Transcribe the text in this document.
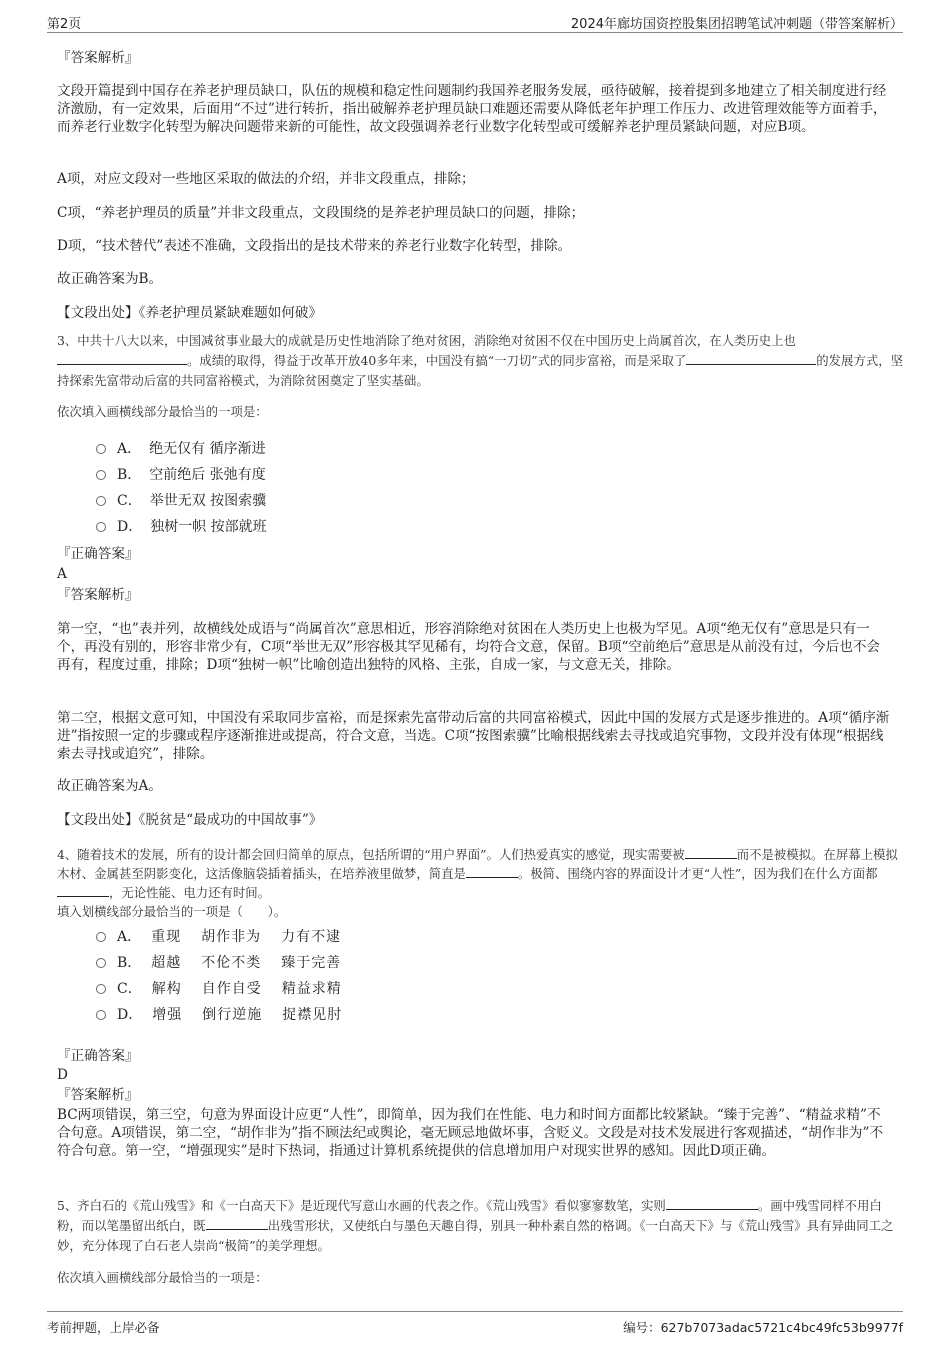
第2页	2024年廊坊国资控股集团招聘笔试冲刺题（带答案解析）
『答案解析』

文段开篇提到中国存在养老护理员缺口，队伍的规模和稳定性问题制约我国养老服务发展，亟待破解，接着提到多地建立了相关制度进行经济激励，有一定效果，后面用“不过”进行转折，指出破解养老护理员缺口难题还需要从降低老年护理工作压力、改进管理效能等方面着手，而养老行业数字化转型为解决问题带来新的可能性，故文段强调养老行业数字化转型或可缓解养老护理员紧缺问题，对应B项。

A项，对应文段对一些地区采取的做法的介绍，并非文段重点，排除；

C项，“养老护理员的质量”并非文段重点，文段围绕的是养老护理员缺口的问题，排除；

D项，“技术替代”表述不准确，文段指出的是技术带来的养老行业数字化转型，排除。

故正确答案为B。

【文段出处】《养老护理员紧缺难题如何破》

3、中共十八大以来，中国减贫事业最大的成就是历史性地消除了绝对贫困，消除绝对贫困不仅在中国历史上尚属首次，在人类历史上也。成绩的取得，得益于改革开放40多年来，中国没有搞“一刀切”式的同步富裕，而是采取了	的发展方式，坚持探索先富带动后富的共同富裕模式，为消除贫困奠定了坚实基础。

依次填入画横线部分最恰当的一项是：

A． 绝无仅有 循序渐进
B． 空前绝后 张弛有度
C． 举世无双 按图索骥
D． 独树一帜 按部就班
『正确答案』
A
『答案解析』

第一空，“也”表并列，故横线处成语与“尚属首次”意思相近，形容消除绝对贫困在人类历史上也极为罕见。A项“绝无仅有”意思是只有一个，再没有别的，形容非常少有，C项“举世无双”形容极其罕见稀有，均符合文意，保留。B项“空前绝后”意思是从前没有过，今后也不会再有，程度过重，排除；D项“独树一帜”比喻创造出独特的风格、主张，自成一家，与文意无关，排除。

第二空，根据文意可知，中国没有采取同步富裕，而是探索先富带动后富的共同富裕模式，因此中国的发展方式是逐步推进的。A项“循序渐进”指按照一定的步骤或程序逐渐推进或提高，符合文意，当选。C项“按图索骥”比喻根据线索去寻找或追究事物，文段并没有体现“根据线索去寻找或追究”，排除。

故正确答案为A。

【文段出处】《脱贫是“最成功的中国故事”》

4、随着技术的发展，所有的设计都会回归简单的原点，包括所谓的“用户界面”。人们热爱真实的感觉，现实需要被	而不是被模拟。在屏幕上模拟木材、金属甚至阴影变化，这活像脑袋插着插头，在培养液里做梦，简直是	。极简、围绕内容的界面设计才更“人性”，因为我们在什么方面都，无论性能、电力还有时间。

填入划横线部分最恰当的一项是（　　）。

A． 重现 胡作非为 力有不逮
B． 超越 不伦不类 臻于完善
C． 解构 自作自受 精益求精
D． 增强 倒行逆施 捉襟见肘
『正确答案』
D
『答案解析』

BC两项错误，第三空，句意为界面设计应更“人性”，即简单，因为我们在性能、电力和时间方面都比较紧缺。“臻于完善”、“精益求精”不合句意。A项错误，第二空，“胡作非为”指不顾法纪或舆论，毫无顾忌地做坏事，含贬义。文段是对技术发展进行客观描述，“胡作非为”不符合句意。第一空，“增强现实”是时下热词，指通过计算机系统提供的信息增加用户对现实世界的感知。因此D项正确。

5、齐白石的《荒山残雪》和《一白高天下》是近现代写意山水画的代表之作。《荒山残雪》看似寥寥数笔，实则	。画中残雪同样不用白粉，而以笔墨留出纸白，既	出残雪形状，又使纸白与墨色天趣自得，别具一种朴素自然的格调。《一白高天下》与《荒山残雪》具有异曲同工之妙，充分体现了白石老人崇尚“极简”的美学理想。

依次填入画横线部分最恰当的一项是：

考前押题，上岸必备	编号：627b7073adac5721c4bc49fc53b9977f
